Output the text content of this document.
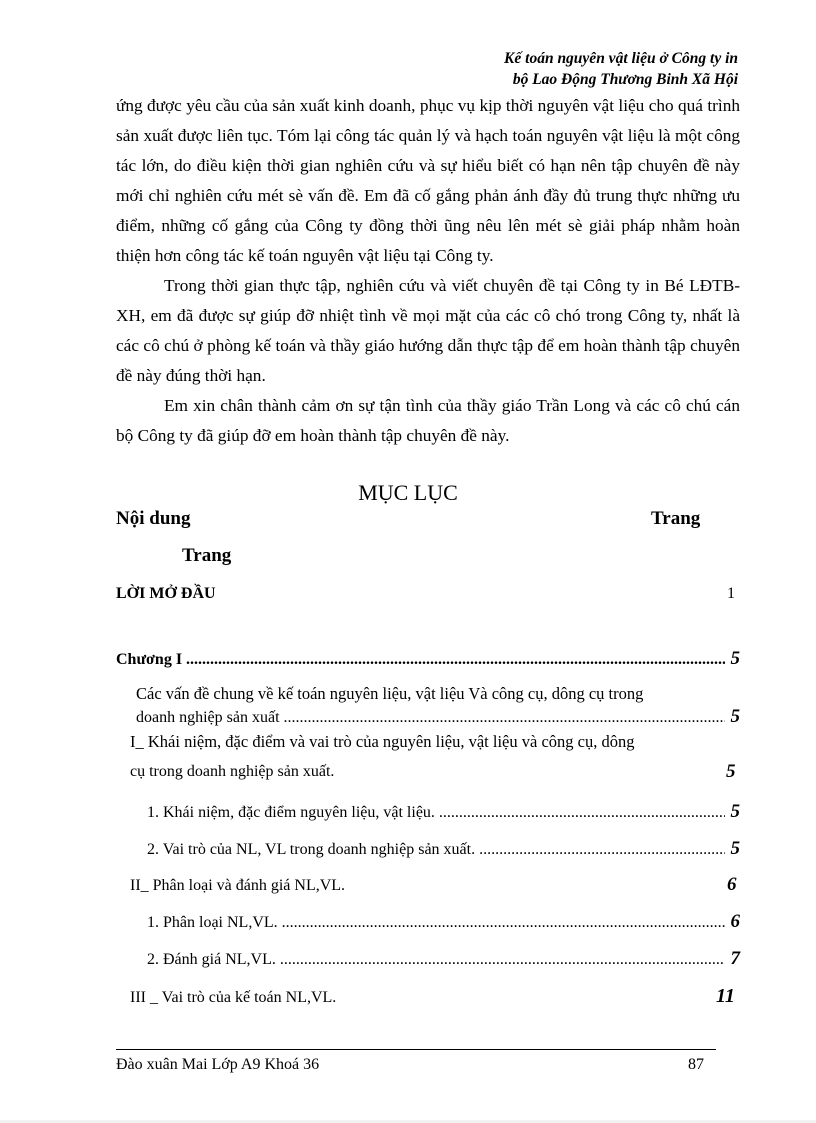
Kế toán nguyên vật liệu ở Công ty in
bộ Lao Động Thương Binh Xã Hội

ứng được yêu cầu của sản xuất kinh doanh, phục vụ kịp thời nguyên vật liệu cho quá trình sản xuất được liên tục. Tóm lại công tác quản lý và hạch toán nguyên vật liệu là một công tác lớn, do điều kiện thời gian nghiên cứu và sự hiểu biết có hạn nên tập chuyên đề này mới chỉ nghiên cứu mét sè vấn đề. Em đã cố gắng phản ánh đầy đủ trung thực những ưu điểm, những cố gắng của Công ty đồng thời ũng nêu lên mét sè giải pháp nhằm hoàn thiện hơn công tác kế toán nguyên vật liệu tại Công ty.

Trong thời gian thực tập, nghiên cứu và viết chuyên đề tại Công ty in Bé LĐTB-XH, em đã được sự giúp đỡ nhiệt tình về mọi mặt của các cô chó trong Công ty, nhất là các cô chú ở phòng kế toán và thầy giáo hướng dẫn thực tập để em hoàn thành tập chuyên đề này đúng thời hạn.

Em xin chân thành cảm ơn sự tận tình của thầy giáo Trần Long và các cô chú cán bộ Công ty đã giúp đỡ em hoàn thành tập chuyên đề này.

MỤC LỤC
Nội dung	Trang
Trang
LỜI MỞ ĐẦU	1
Chương I .....	5
Các vấn đề chung về kế toán nguyên liệu, vật liệu Và công cụ, dông cụ trong
doanh nghiệp sản xuất .....	5
I_ Khái niệm, đặc điểm và vai trò của nguyên liệu, vật liệu và công cụ, dông
cụ trong doanh nghiệp sản xuất.	5
1. Khái niệm, đặc điểm nguyên liệu, vật liệu. .....	5
2. Vai trò của NL, VL trong doanh nghiệp sản xuất. .....	5
II_ Phân loại và đánh giá NL,VL.	6
1. Phân loại NL,VL. .....	6
2. Đánh giá NL,VL. .....	7
III _ Vai trò của kế toán NL,VL.	11
Đào xuân Mai Lớp A9 Khoá 36	87
